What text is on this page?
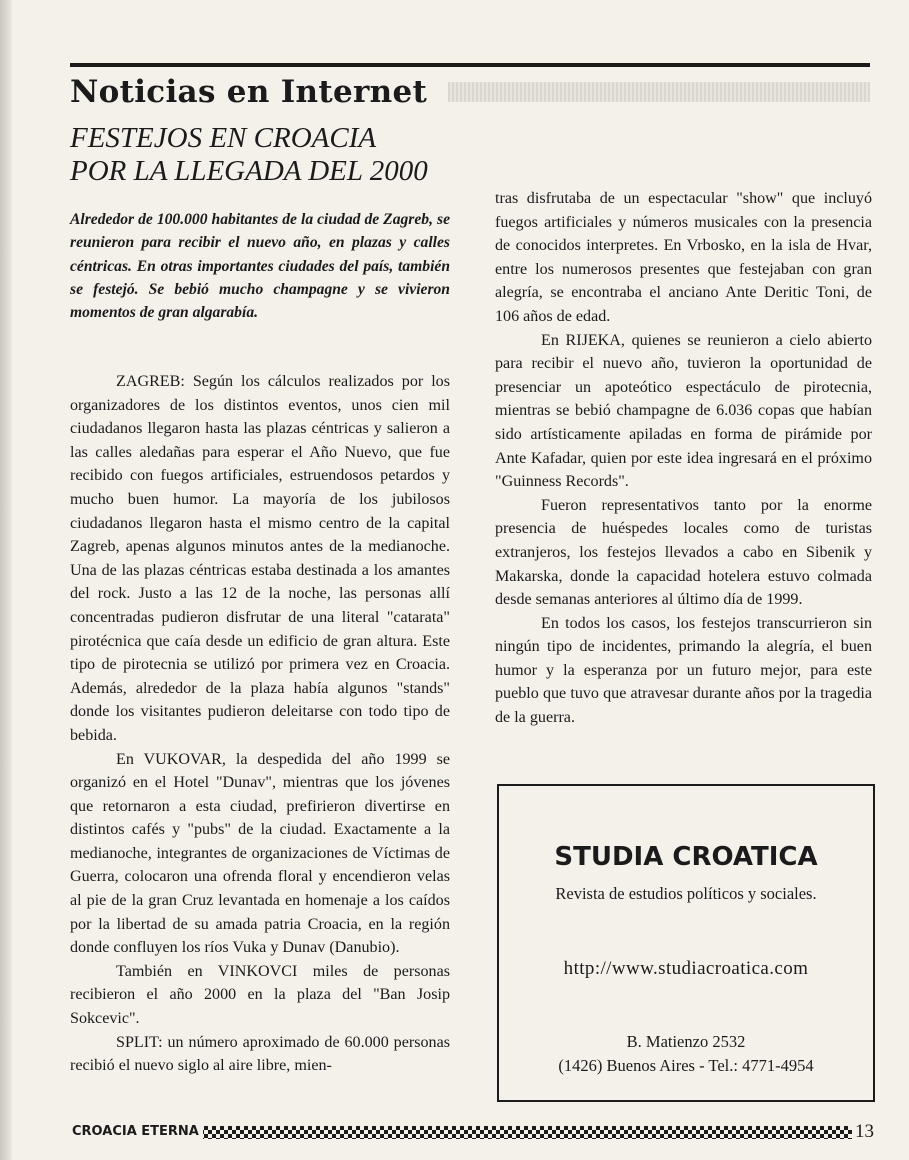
Noticias en Internet
FESTEJOS EN CROACIA
POR LA LLEGADA DEL 2000

Alrededor de 100.000 habitantes de la ciudad de Zagreb, se reunieron para recibir el nuevo año, en plazas y calles céntricas. En otras importantes ciudades del país, también se festejó. Se bebió mucho champagne y se vivieron momentos de gran algarabía.

ZAGREB: Según los cálculos realizados por los organizadores de los distintos eventos, unos cien mil ciudadanos llegaron hasta las plazas céntricas y salieron a las calles aledañas para esperar el Año Nuevo, que fue recibido con fuegos artificiales, estruendosos petardos y mucho buen humor. La mayoría de los jubilosos ciudadanos llegaron hasta el mismo centro de la capital Zagreb, apenas algunos minutos antes de la medianoche. Una de las plazas céntricas estaba destinada a los amantes del rock. Justo a las 12 de la noche, las personas allí concentradas pudieron disfrutar de una literal "catarata" pirotécnica que caía desde un edificio de gran altura. Este tipo de pirotecnia se utilizó por primera vez en Croacia. Además, alrededor de la plaza había algunos "stands" donde los visitantes pudieron deleitarse con todo tipo de bebida.

En VUKOVAR, la despedida del año 1999 se organizó en el Hotel "Dunav", mientras que los jóvenes que retornaron a esta ciudad, prefirieron divertirse en distintos cafés y "pubs" de la ciudad. Exactamente a la medianoche, integrantes de organizaciones de Víctimas de Guerra, colocaron una ofrenda floral y encendieron velas al pie de la gran Cruz levantada en homenaje a los caídos por la libertad de su amada patria Croacia, en la región donde confluyen los ríos Vuka y Dunav (Danubio).

También en VINKOVCI miles de personas recibieron el año 2000 en la plaza del "Ban Josip Sokcevic".

SPLIT: un número aproximado de 60.000 personas recibió el nuevo siglo al aire libre, mien-

tras disfrutaba de un espectacular "show" que incluyó fuegos artificiales y números musicales con la presencia de conocidos interpretes. En Vrbosko, en la isla de Hvar, entre los numerosos presentes que festejaban con gran alegría, se encontraba el anciano Ante Deritic Toni, de 106 años de edad.

En RIJEKA, quienes se reunieron a cielo abierto para recibir el nuevo año, tuvieron la oportunidad de presenciar un apoteótico espectáculo de pirotecnia, mientras se bebió champagne de 6.036 copas que habían sido artísticamente apiladas en forma de pirámide por Ante Kafadar, quien por este idea ingresará en el próximo "Guinness Records".

Fueron representativos tanto por la enorme presencia de huéspedes locales como de turistas extranjeros, los festejos llevados a cabo en Sibenik y Makarska, donde la capacidad hotelera estuvo colmada desde semanas anteriores al último día de 1999.

En todos los casos, los festejos transcurrieron sin ningún tipo de incidentes, primando la alegría, el buen humor y la esperanza por un futuro mejor, para este pueblo que tuvo que atravesar durante años por la tragedia de la guerra.

STUDIA CROATICA
Revista de estudios políticos y sociales.
http://www.studiacroatica.com
B. Matienzo 2532
(1426) Buenos Aires - Tel.: 4771-4954
CROACIA ETERNA	13
